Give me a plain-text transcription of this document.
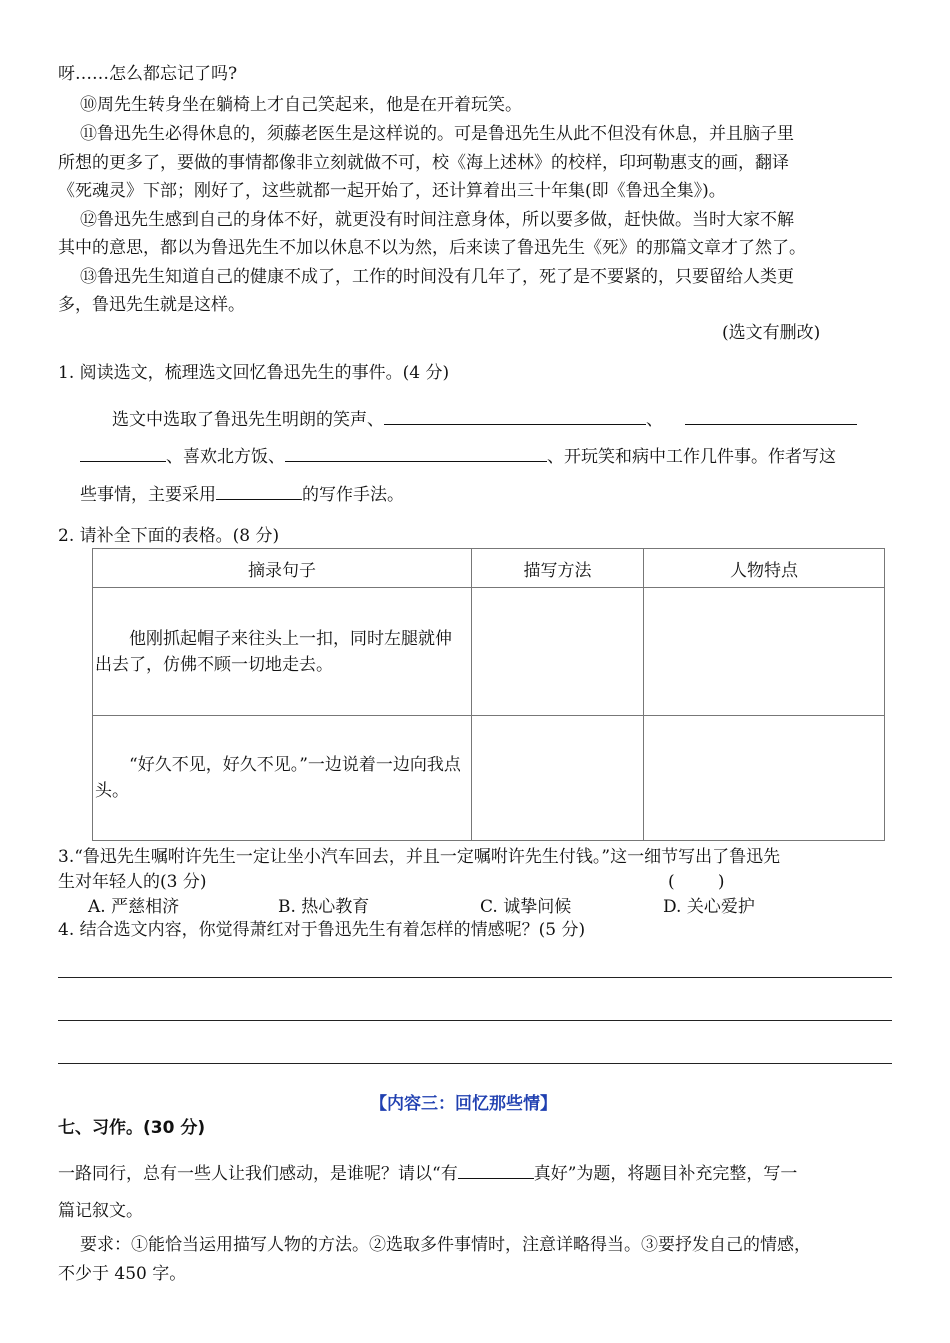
呀……怎么都忘记了吗?
⑩周先生转身坐在躺椅上才自己笑起来，他是在开着玩笑。
⑪鲁迅先生必得休息的，须藤老医生是这样说的。可是鲁迅先生从此不但没有休息，并且脑子里
所想的更多了，要做的事情都像非立刻就做不可，校《海上述林》的校样，印珂勒惠支的画，翻译
《死魂灵》下部；刚好了，这些就都一起开始了，还计算着出三十年集(即《鲁迅全集》)。
⑫鲁迅先生感到自己的身体不好，就更没有时间注意身体，所以要多做，赶快做。当时大家不解
其中的意思，都以为鲁迅先生不加以休息不以为然，后来读了鲁迅先生《死》的那篇文章才了然了。
⑬鲁迅先生知道自己的健康不成了，工作的时间没有几年了，死了是不要紧的，只要留给人类更
多，鲁迅先生就是这样。
(选文有删改)
1. 阅读选文，梳理选文回忆鲁迅先生的事件。(4 分)
选文中选取了鲁迅先生明朗的笑声、	、
、喜欢北方饭、	、开玩笑和病中工作几件事。作者写这
些事情，主要采用	的写作手法。
2. 请补全下面的表格。(8 分)
摘录句子	描写方法	人物特点

他刚抓起帽子来往头上一扣，同时左腿就伸出去了，仿佛不顾一切地走去。		

“好久不见，好久不见。”一边说着一边向我点头。		

3.“鲁迅先生嘱咐许先生一定让坐小汽车回去，并且一定嘱咐许先生付钱。”这一细节写出了鲁迅先
生对年轻人的(3 分)	(        )
A. 严慈相济	B. 热心教育	C. 诚挚问候	D. 关心爱护
4. 结合选文内容，你觉得萧红对于鲁迅先生有着怎样的情感呢？(5 分)
【内容三：回忆那些情】
七、习作。(30 分)
一路同行，总有一些人让我们感动，是谁呢？请以“有	真好”为题，将题目补充完整，写一
篇记叙文。
要求：①能恰当运用描写人物的方法。②选取多件事情时，注意详略得当。③要抒发自己的情感，
不少于 450 字。
